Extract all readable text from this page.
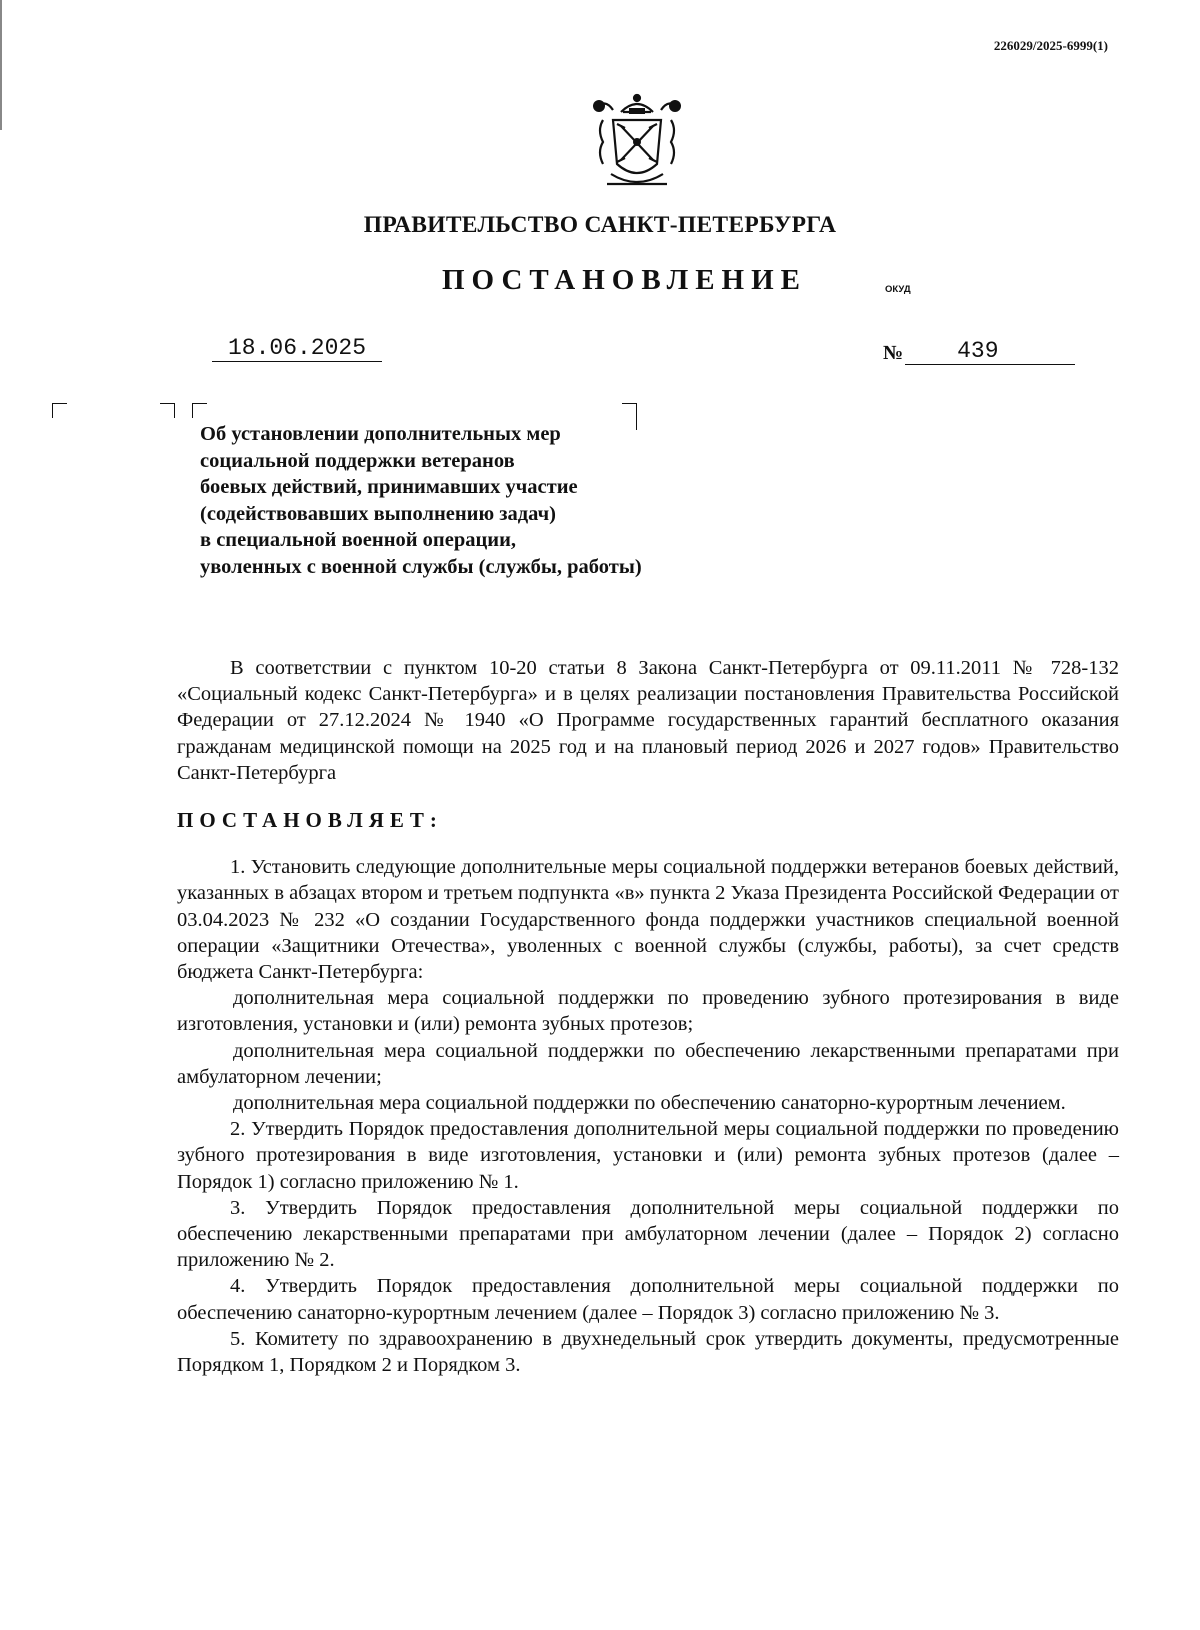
226029/2025-6999(1)
ПРАВИТЕЛЬСТВО САНКТ-ПЕТЕРБУРГА
ПОСТАНОВЛЕНИЕ	ОКУД
18.06.2025	№	439
Об установлении дополнительных мер
социальной поддержки ветеранов
боевых действий, принимавших участие
(содействовавших выполнению задач)
в специальной военной операции,
уволенных с военной службы (службы, работы)

В соответствии с пунктом 10-20 статьи 8 Закона Санкт-Петербурга от 09.11.2011 № 728-132 «Социальный кодекс Санкт-Петербурга» и в целях реализации постановления Правительства Российской Федерации от 27.12.2024 № 1940 «О Программе государственных гарантий бесплатного оказания гражданам медицинской помощи на 2025 год и на плановый период 2026 и 2027 годов» Правительство Санкт-Петербурга

ПОСТАНОВЛЯЕТ:

1. Установить следующие дополнительные меры социальной поддержки ветеранов боевых действий, указанных в абзацах втором и третьем подпункта «в» пункта 2 Указа Президента Российской Федерации от 03.04.2023 № 232 «О создании Государственного фонда поддержки участников специальной военной операции «Защитники Отечества», уволенных с военной службы (службы, работы), за счет средств бюджета Санкт-Петербурга:

дополнительная мера социальной поддержки по проведению зубного протезирования в виде изготовления, установки и (или) ремонта зубных протезов;

дополнительная мера социальной поддержки по обеспечению лекарственными препаратами при амбулаторном лечении;

дополнительная мера социальной поддержки по обеспечению санаторно-курортным лечением.

2. Утвердить Порядок предоставления дополнительной меры социальной поддержки по проведению зубного протезирования в виде изготовления, установки и (или) ремонта зубных протезов (далее – Порядок 1) согласно приложению № 1.

3. Утвердить Порядок предоставления дополнительной меры социальной поддержки по обеспечению лекарственными препаратами при амбулаторном лечении (далее – Порядок 2) согласно приложению № 2.

4. Утвердить Порядок предоставления дополнительной меры социальной поддержки по обеспечению санаторно-курортным лечением (далее – Порядок 3) согласно приложению № 3.

5. Комитету по здравоохранению в двухнедельный срок утвердить документы, предусмотренные Порядком 1, Порядком 2 и Порядком 3.
